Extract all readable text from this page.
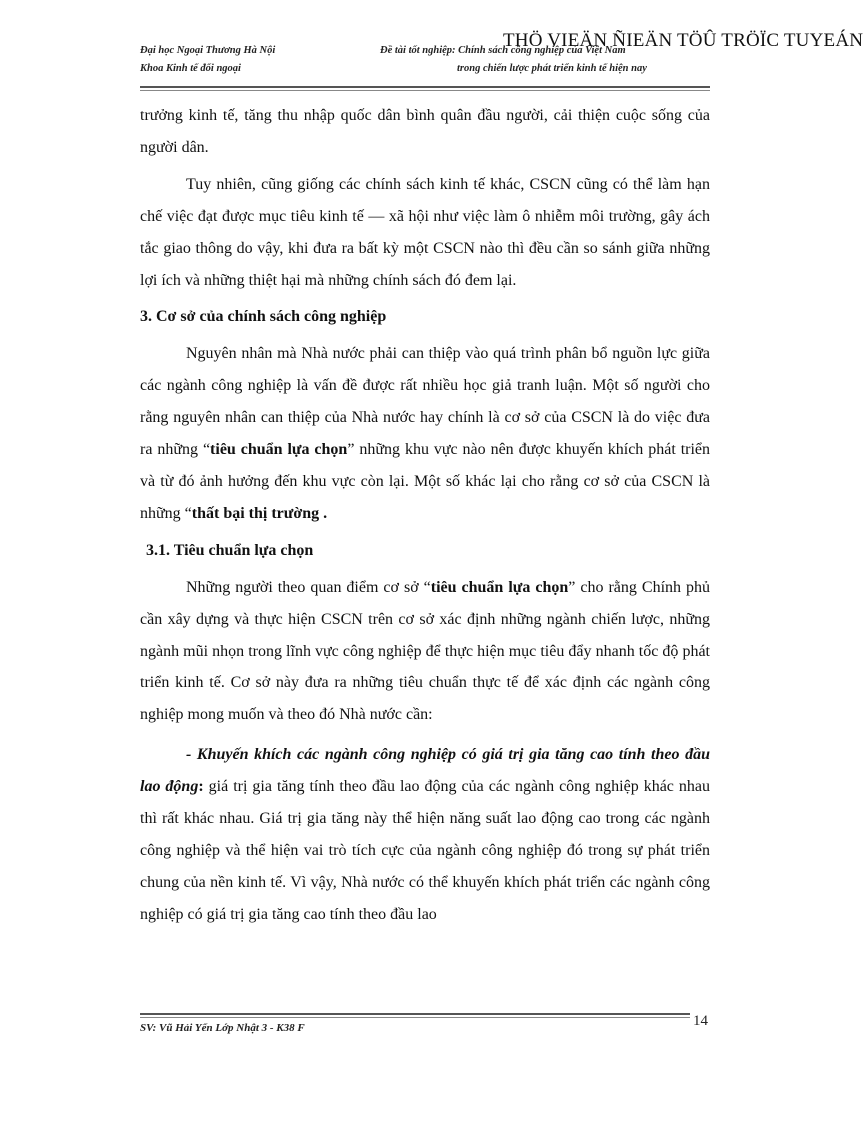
Đại học Ngoại Thương Hà Nội
Khoa Kinh tế đối ngoại
Đề tài tốt nghiệp: Chính sách công nghiệp của Việt Nam
trong chiến lược phát triển kinh tế hiện nay
THÖ VIEÄN ÑIEÄN TÖÛ TRÖÏC TUYEÁN

trưởng kinh tế, tăng thu nhập quốc dân bình quân đầu người, cải thiện cuộc sống của người dân.

Tuy nhiên, cũng giống các chính sách kinh tế khác, CSCN cũng có thể làm hạn chế việc đạt được mục tiêu kinh tế — xã hội như việc làm ô nhiễm môi trường, gây ách tắc giao thông do vậy, khi đưa ra bất kỳ một CSCN nào thì đều cần so sánh giữa những lợi ích và những thiệt hại mà những chính sách đó đem lại.

3. Cơ sở của chính sách công nghiệp

Nguyên nhân mà Nhà nước phải can thiệp vào quá trình phân bổ nguồn lực giữa các ngành công nghiệp là vấn đề được rất nhiều học giả tranh luận. Một số người cho rằng nguyên nhân can thiệp của Nhà nước hay chính là cơ sở của CSCN là do việc đưa ra những “tiêu chuẩn lựa chọn” những khu vực nào nên được khuyến khích phát triển và từ đó ảnh hưởng đến khu vực còn lại. Một số khác lại cho rằng cơ sở của CSCN là những “thất bại thị trường .

3.1. Tiêu chuẩn lựa chọn

Những người theo quan điểm cơ sở “tiêu chuẩn lựa chọn” cho rằng Chính phủ cần xây dựng và thực hiện CSCN trên cơ sở xác định những ngành chiến lược, những ngành mũi nhọn trong lĩnh vực công nghiệp để thực hiện mục tiêu đẩy nhanh tốc độ phát triển kinh tế. Cơ sở này đưa ra những tiêu chuẩn thực tế để xác định các ngành công nghiệp mong muốn và theo đó Nhà nước cần:

- Khuyến khích các ngành công nghiệp có giá trị gia tăng cao tính theo đầu lao động: giá trị gia tăng tính theo đầu lao động của các ngành công nghiệp khác nhau thì rất khác nhau. Giá trị gia tăng này thể hiện năng suất lao động cao trong các ngành công nghiệp và thể hiện vai trò tích cực của ngành công nghiệp đó trong sự phát triển chung của nền kinh tế. Vì vậy, Nhà nước có thể khuyến khích phát triển các ngành công nghiệp có giá trị gia tăng cao tính theo đầu lao

SV: Vũ Hải Yến Lớp Nhật 3 - K38 F	14
